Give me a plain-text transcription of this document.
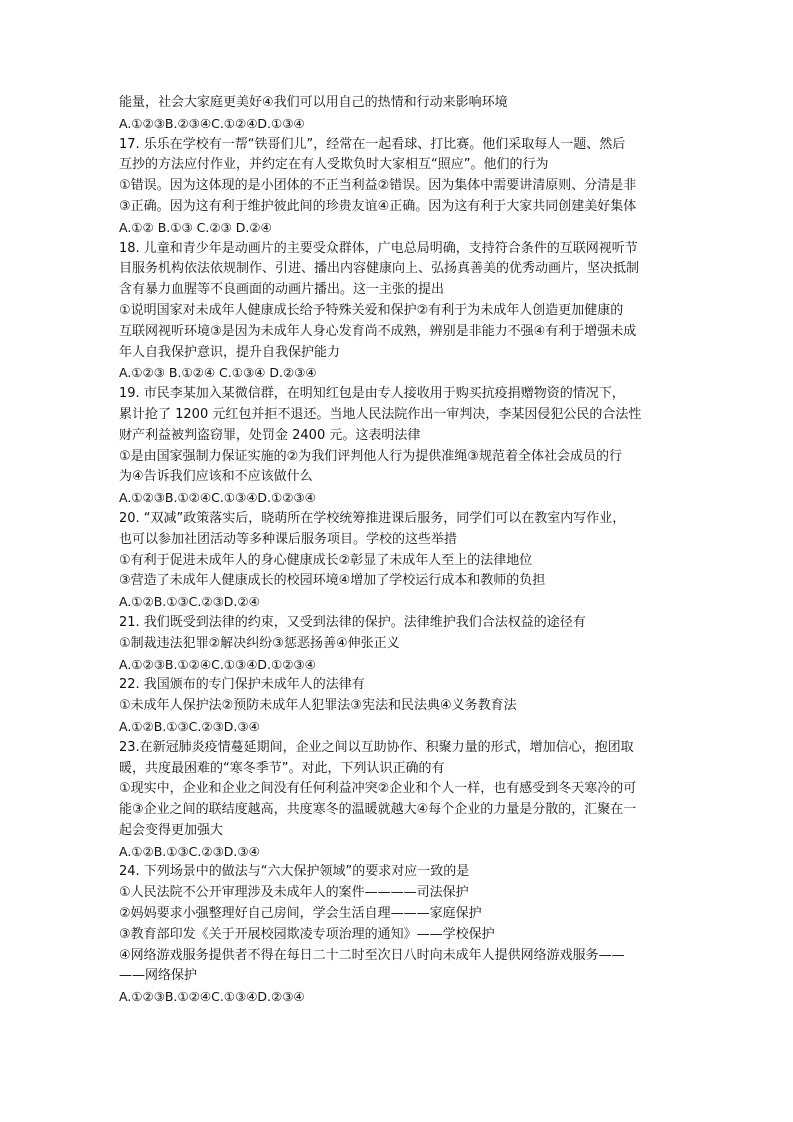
能量，社会大家庭更美好④我们可以用自己的热情和行动来影响环境
A.①②③B.②③④C.①②④D.①③④
17. 乐乐在学校有一帮“铁哥们儿”，经常在一起看球、打比赛。他们采取每人一题、然后
互抄的方法应付作业，并约定在有人受欺负时大家相互“照应”。他们的行为
①错误。因为这体现的是小团体的不正当利益②错误。因为集体中需要讲清原则、分清是非
③正确。因为这有利于维护彼此间的珍贵友谊④正确。因为这有利于大家共同创建美好集体
A.①② B.①③ C.②③ D.②④
18. 儿童和青少年是动画片的主要受众群体，广电总局明确，支持符合条件的互联网视听节
目服务机构依法依规制作、引进、播出内容健康向上、弘扬真善美的优秀动画片，坚决抵制
含有暴力血腥等不良画面的动画片播出。这一主张的提出
①说明国家对未成年人健康成长给予特殊关爱和保护②有利于为未成年人创造更加健康的
互联网视听环境③是因为未成年人身心发育尚不成熟，辨别是非能力不强④有利于增强未成
年人自我保护意识，提升自我保护能力
A.①②③ B.①②④ C.①③④ D.②③④
19. 市民李某加入某微信群，在明知红包是由专人接收用于购买抗疫捐赠物资的情况下，
累计抢了 1200 元红包并拒不退还。当地人民法院作出一审判决，李某因侵犯公民的合法性
财产利益被判盗窃罪，处罚金 2400 元。这表明法律
①是由国家强制力保证实施的②为我们评判他人行为提供准绳③规范着全体社会成员的行
为④告诉我们应该和不应该做什么
A.①②③B.①②④C.①③④D.①②③④
20. “双减”政策落实后，晓萌所在学校统筹推进课后服务，同学们可以在教室内写作业，
也可以参加社团活动等多种课后服务项目。学校的这些举措
①有利于促进未成年人的身心健康成长②彰显了未成年人至上的法律地位
③营造了未成年人健康成长的校园环境④增加了学校运行成本和教师的负担
A.①②B.①③C.②③D.②④
21. 我们既受到法律的约束，又受到法律的保护。法律维护我们合法权益的途径有
①制裁违法犯罪②解决纠纷③惩恶扬善④伸张正义
A.①②③B.①②④C.①③④D.①②③④
22. 我国颁布的专门保护未成年人的法律有
①未成年人保护法②预防未成年人犯罪法③宪法和民法典④义务教育法
A.①②B.①③C.②③D.③④
23.在新冠肺炎疫情蔓延期间，企业之间以互助协作、积聚力量的形式，增加信心，抱团取
暖，共度最困难的“寒冬季节”。对此，下列认识正确的有
①现实中，企业和企业之间没有任何利益冲突②企业和个人一样，也有感受到冬天寒冷的可
能③企业之间的联结度越高，共度寒冬的温暖就越大④每个企业的力量是分散的，汇聚在一
起会变得更加强大
A.①②B.①③C.②③D.③④
24. 下列场景中的做法与“六大保护领域”的要求对应一致的是
①人民法院不公开审理涉及未成年人的案件————司法保护
②妈妈要求小强整理好自己房间，学会生活自理———家庭保护
③教育部印发《关于开展校园欺凌专项治理的通知》——学校保护
④网络游戏服务提供者不得在每日二十二时至次日八时向未成年人提供网络游戏服务——
——网络保护
A.①②③B.①②④C.①③④D.②③④
